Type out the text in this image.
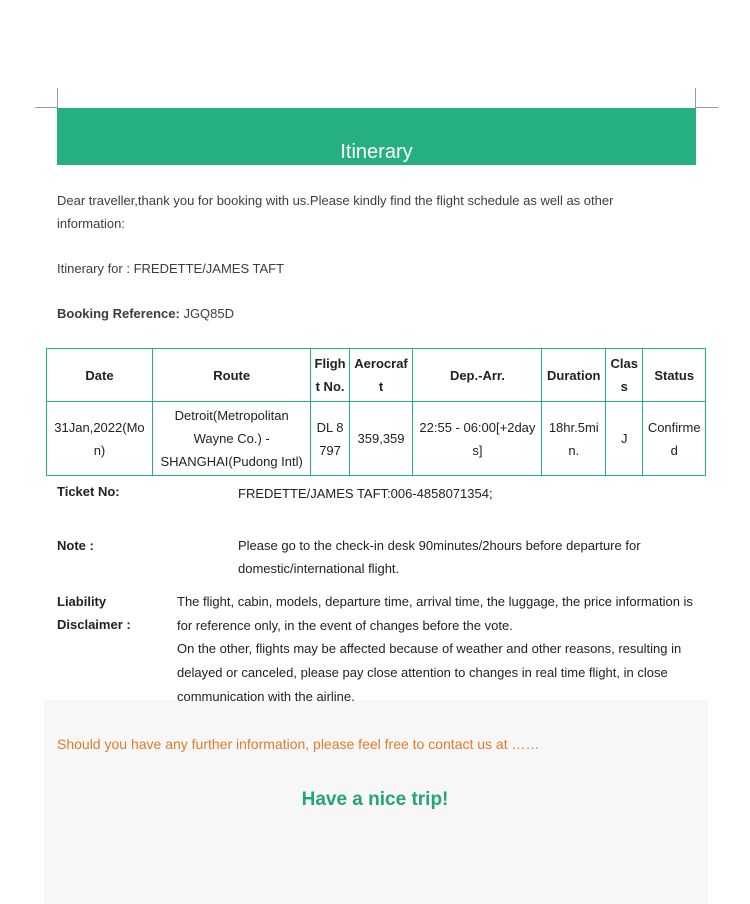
Itinerary
Dear traveller,thank you for booking with us.Please kindly find the flight schedule as well as other information:
Itinerary for : FREDETTE/JAMES TAFT
Booking Reference: JGQ85D
Date	Route	Flight No.	Aerocraft	Dep.-Arr.	Duration	Class	Status
31Jan,2022(Mon)	Detroit(Metropolitan Wayne Co.) - SHANGHAI(Pudong Intl)	DL 8797	359,359	22:55 - 06:00[+2days]	18hr.5min.	J	Confirmed
Ticket No:	FREDETTE/JAMES TAFT:006-4858071354;
Note :	Please go to the check-in desk 90minutes/2hours before departure for domestic/international flight.
Liability
Disclaimer :
The flight, cabin, models, departure time, arrival time, the luggage, the price information is for reference only, in the event of changes before the vote.
On the other, flights may be affected because of weather and other reasons, resulting in delayed or canceled, please pay close attention to changes in real time flight, in close communication with the airline.
Should you have any further information, please feel free to contact us at ……
Have a nice trip!
